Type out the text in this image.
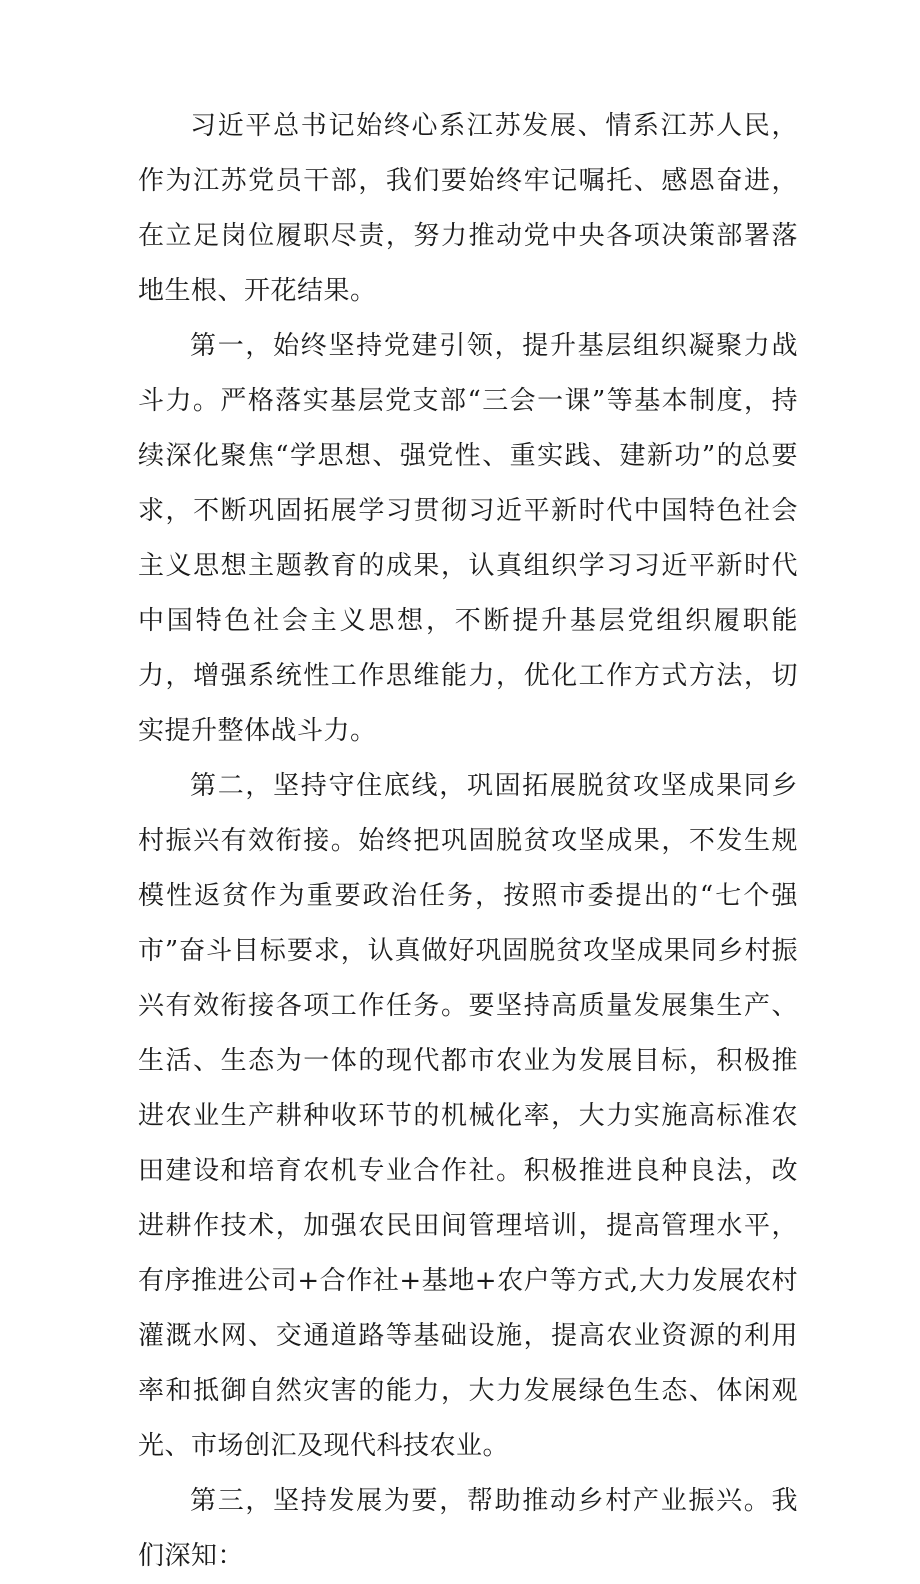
习近平总书记始终心系江苏发展、情系江苏人民，作为江苏党员干部，我们要始终牢记嘱托、感恩奋进，在立足岗位履职尽责，努力推动党中央各项决策部署落地生根、开花结果。

第一，始终坚持党建引领，提升基层组织凝聚力战斗力。严格落实基层党支部“三会一课”等基本制度，持续深化聚焦“学思想、强党性、重实践、建新功”的总要求，不断巩固拓展学习贯彻习近平新时代中国特色社会主义思想主题教育的成果，认真组织学习习近平新时代中国特色社会主义思想，不断提升基层党组织履职能力，增强系统性工作思维能力，优化工作方式方法，切实提升整体战斗力。

第二，坚持守住底线，巩固拓展脱贫攻坚成果同乡村振兴有效衔接。始终把巩固脱贫攻坚成果，不发生规模性返贫作为重要政治任务，按照市委提出的“七个强市”奋斗目标要求，认真做好巩固脱贫攻坚成果同乡村振兴有效衔接各项工作任务。要坚持高质量发展集生产、生活、生态为一体的现代都市农业为发展目标，积极推进农业生产耕种收环节的机械化率，大力实施高标准农田建设和培育农机专业合作社。积极推进良种良法，改进耕作技术，加强农民田间管理培训，提高管理水平，有序推进公司+合作社+基地+农户等方式,大力发展农村灌溉水网、交通道路等基础设施，提高农业资源的利用率和抵御自然灾害的能力，大力发展绿色生态、体闲观光、市场创汇及现代科技农业。

第三，坚持发展为要，帮助推动乡村产业振兴。我们深知：
